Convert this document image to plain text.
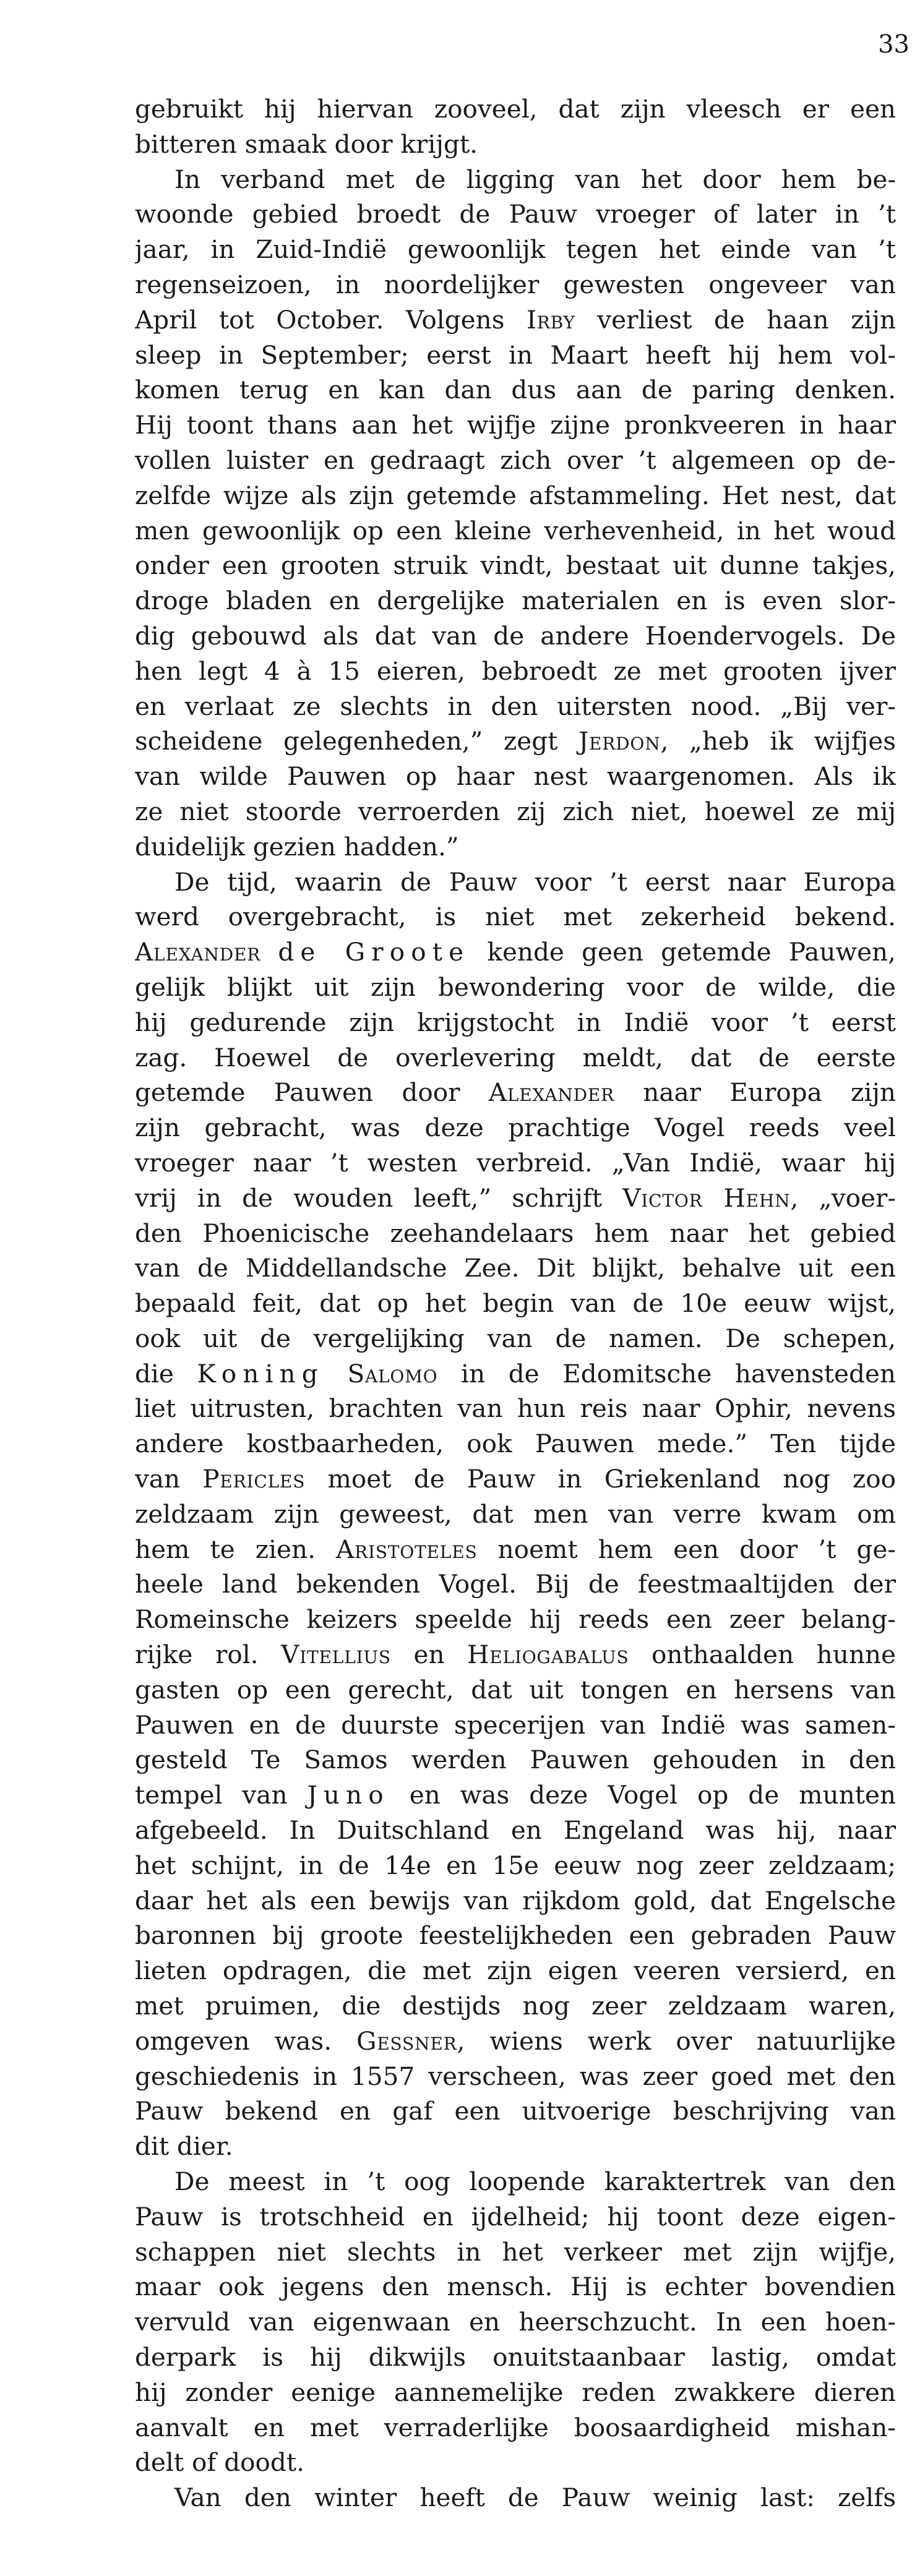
33

gebruikt hij hiervan zooveel, dat zijn vleesch er een

bitteren smaak door krijgt.

In verband met de ligging van het door hem be-

woonde gebied broedt de Pauw vroeger of later in ’t

jaar, in Zuid-Indië gewoonlijk tegen het einde van ’t

regenseizoen, in noordelijker gewesten ongeveer van

April tot October. Volgens Irby verliest de haan zijn

sleep in September; eerst in Maart heeft hij hem vol-

komen terug en kan dan dus aan de paring denken.

Hij toont thans aan het wijfje zijne pronkveeren in haar

vollen luister en gedraagt zich over ’t algemeen op de-

zelfde wijze als zijn getemde afstammeling. Het nest, dat

men gewoonlijk op een kleine verhevenheid, in het woud

onder een grooten struik vindt, bestaat uit dunne takjes,

droge bladen en dergelijke materialen en is even slor-

dig gebouwd als dat van de andere Hoendervogels. De

hen legt 4 à 15 eieren, bebroedt ze met grooten ijver

en verlaat ze slechts in den uitersten nood. „Bij ver-

scheidene gelegenheden,” zegt Jerdon, „heb ik wijfjes

van wilde Pauwen op haar nest waargenomen. Als ik

ze niet stoorde verroerden zij zich niet, hoewel ze mij

duidelijk gezien hadden.”

De tijd, waarin de Pauw voor ’t eerst naar Europa

werd overgebracht, is niet met zekerheid bekend.

Alexander de Groote kende geen getemde Pauwen,

gelijk blijkt uit zijn bewondering voor de wilde, die

hij gedurende zijn krijgstocht in Indië voor ’t eerst

zag. Hoewel de overlevering meldt, dat de eerste

getemde Pauwen door Alexander naar Europa zijn

zijn gebracht, was deze prachtige Vogel reeds veel

vroeger naar ’t westen verbreid. „Van Indië, waar hij

vrij in de wouden leeft,” schrijft Victor Hehn, „voer-

den Phoenicische zeehandelaars hem naar het gebied

van de Middellandsche Zee. Dit blijkt, behalve uit een

bepaald feit, dat op het begin van de 10e eeuw wijst,

ook uit de vergelijking van de namen. De schepen,

die Koning Salomo in de Edomitsche havensteden

liet uitrusten, brachten van hun reis naar Ophir, nevens

andere kostbaarheden, ook Pauwen mede.” Ten tijde

van Pericles moet de Pauw in Griekenland nog zoo

zeldzaam zijn geweest, dat men van verre kwam om

hem te zien. Aristoteles noemt hem een door ’t ge-

heele land bekenden Vogel. Bij de feestmaaltijden der

Romeinsche keizers speelde hij reeds een zeer belang-

rijke rol. Vitellius en Heliogabalus onthaalden hunne

gasten op een gerecht, dat uit tongen en hersens van

Pauwen en de duurste specerijen van Indië was samen-

gesteld Te Samos werden Pauwen gehouden in den

tempel van Juno en was deze Vogel op de munten

afgebeeld. In Duitschland en Engeland was hij, naar

het schijnt, in de 14e en 15e eeuw nog zeer zeldzaam;

daar het als een bewijs van rijkdom gold, dat Engelsche

baronnen bij groote feestelijkheden een gebraden Pauw

lieten opdragen, die met zijn eigen veeren versierd, en

met pruimen, die destijds nog zeer zeldzaam waren,

omgeven was. Gessner, wiens werk over natuurlijke

geschiedenis in 1557 verscheen, was zeer goed met den

Pauw bekend en gaf een uitvoerige beschrijving van

dit dier.

De meest in ’t oog loopende karaktertrek van den

Pauw is trotschheid en ijdelheid; hij toont deze eigen-

schappen niet slechts in het verkeer met zijn wijfje,

maar ook jegens den mensch. Hij is echter bovendien

vervuld van eigenwaan en heerschzucht. In een hoen-

derpark is hij dikwijls onuitstaanbaar lastig, omdat

hij zonder eenige aannemelijke reden zwakkere dieren

aanvalt en met verraderlijke boosaardigheid mishan-

delt of doodt.

Van den winter heeft de Pauw weinig last: zelfs
